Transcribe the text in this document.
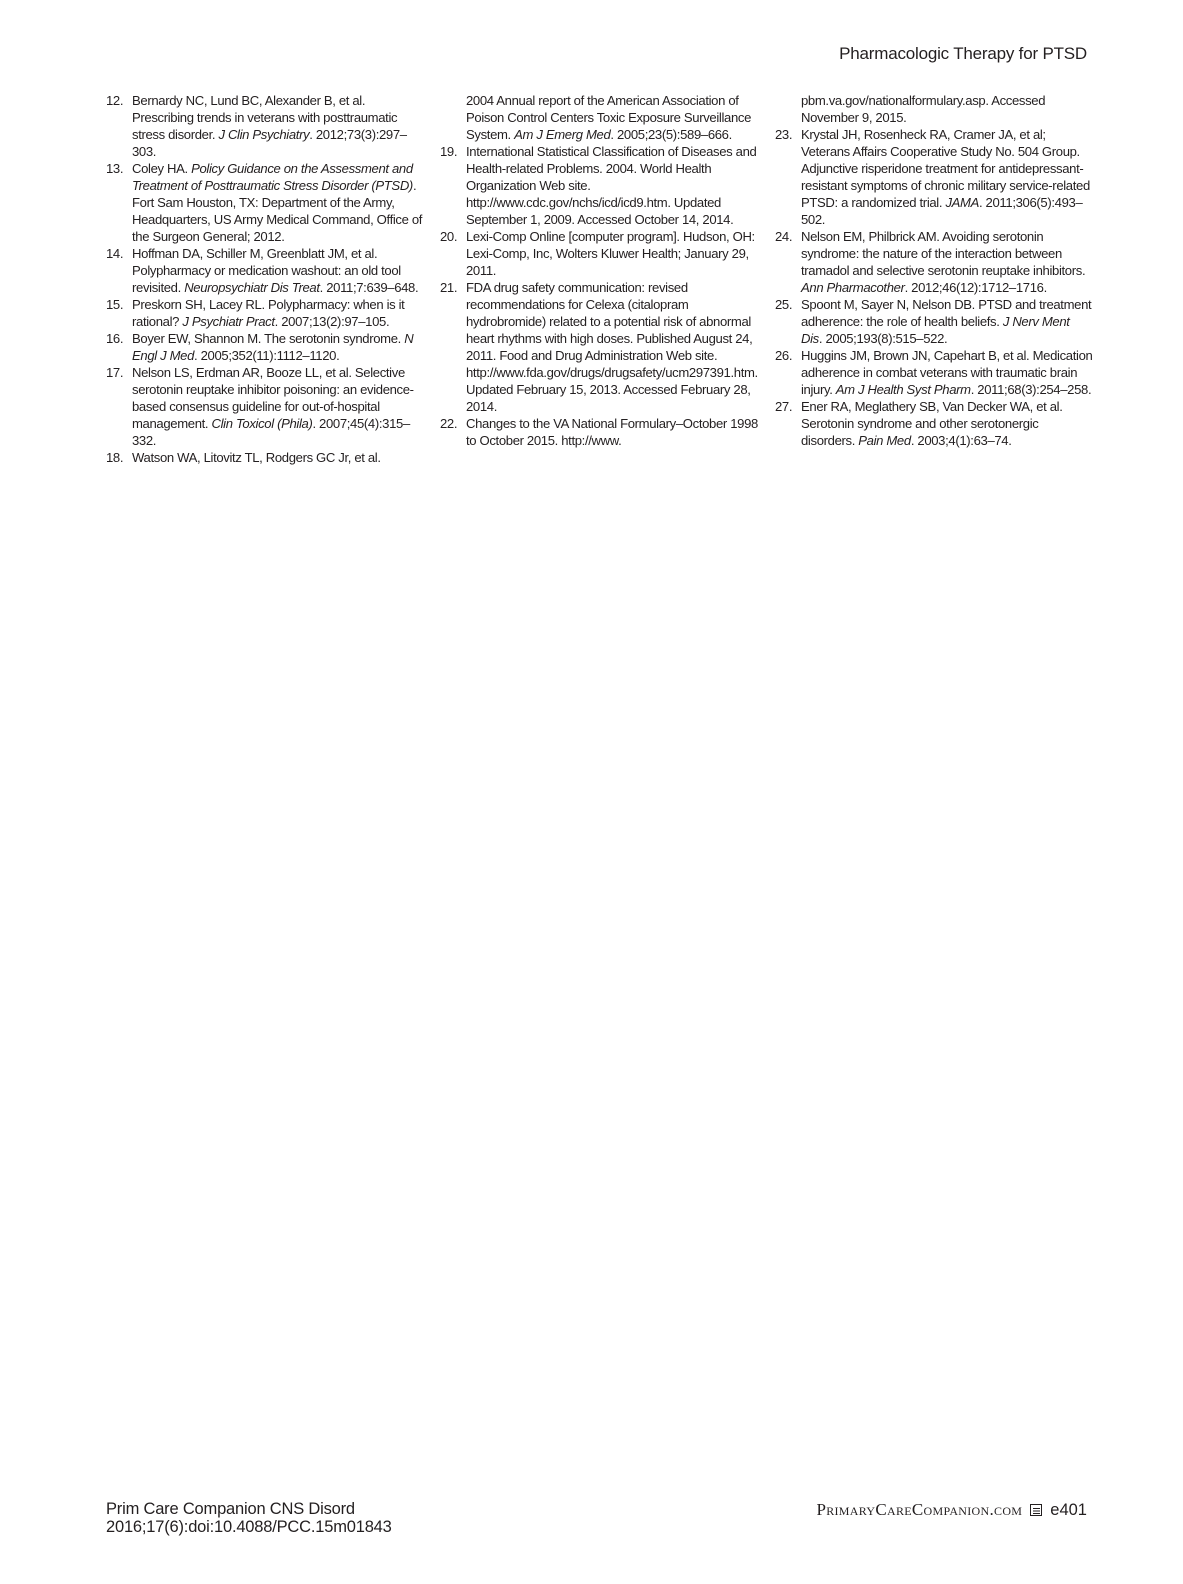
Pharmacologic Therapy for PTSD

12. Bernardy NC, Lund BC, Alexander B, et al. Prescribing trends in veterans with posttraumatic stress disorder. J Clin Psychiatry. 2012;73(3):297–303.

13. Coley HA. Policy Guidance on the Assessment and Treatment of Posttraumatic Stress Disorder (PTSD). Fort Sam Houston, TX: Department of the Army, Headquarters, US Army Medical Command, Office of the Surgeon General; 2012.

14. Hoffman DA, Schiller M, Greenblatt JM, et al. Polypharmacy or medication washout: an old tool revisited. Neuropsychiatr Dis Treat. 2011;7:639–648.

15. Preskorn SH, Lacey RL. Polypharmacy: when is it rational? J Psychiatr Pract. 2007;13(2):97–105.

16. Boyer EW, Shannon M. The serotonin syndrome. N Engl J Med. 2005;352(11):1112–1120.

17. Nelson LS, Erdman AR, Booze LL, et al. Selective serotonin reuptake inhibitor poisoning: an evidence-based consensus guideline for out-of-hospital management. Clin Toxicol (Phila). 2007;45(4):315–332.

18. Watson WA, Litovitz TL, Rodgers GC Jr, et al.

2004 Annual report of the American Association of Poison Control Centers Toxic Exposure Surveillance System. Am J Emerg Med. 2005;23(5):589–666.

19. International Statistical Classification of Diseases and Health-related Problems. 2004. World Health Organization Web site. http://www.cdc.gov/nchs/icd/icd9.htm. Updated September 1, 2009. Accessed October 14, 2014.

20. Lexi-Comp Online [computer program]. Hudson, OH: Lexi-Comp, Inc, Wolters Kluwer Health; January 29, 2011.

21. FDA drug safety communication: revised recommendations for Celexa (citalopram hydrobromide) related to a potential risk of abnormal heart rhythms with high doses. Published August 24, 2011. Food and Drug Administration Web site. http://www.fda.gov/drugs/drugsafety/ucm297391.htm. Updated February 15, 2013. Accessed February 28, 2014.

22. Changes to the VA National Formulary–October 1998 to October 2015. http://www.

pbm.va.gov/nationalformulary.asp. Accessed November 9, 2015.

23. Krystal JH, Rosenheck RA, Cramer JA, et al; Veterans Affairs Cooperative Study No. 504 Group. Adjunctive risperidone treatment for antidepressant-resistant symptoms of chronic military service-related PTSD: a randomized trial. JAMA. 2011;306(5):493–502.

24. Nelson EM, Philbrick AM. Avoiding serotonin syndrome: the nature of the interaction between tramadol and selective serotonin reuptake inhibitors. Ann Pharmacother. 2012;46(12):1712–1716.

25. Spoont M, Sayer N, Nelson DB. PTSD and treatment adherence: the role of health beliefs. J Nerv Ment Dis. 2005;193(8):515–522.

26. Huggins JM, Brown JN, Capehart B, et al. Medication adherence in combat veterans with traumatic brain injury. Am J Health Syst Pharm. 2011;68(3):254–258.

27. Ener RA, Meglathery SB, Van Decker WA, et al. Serotonin syndrome and other serotonergic disorders. Pain Med. 2003;4(1):63–74.

Prim Care Companion CNS Disord
2016;17(6):doi:10.4088/PCC.15m01843
PrimaryCareCompanion.com e401
